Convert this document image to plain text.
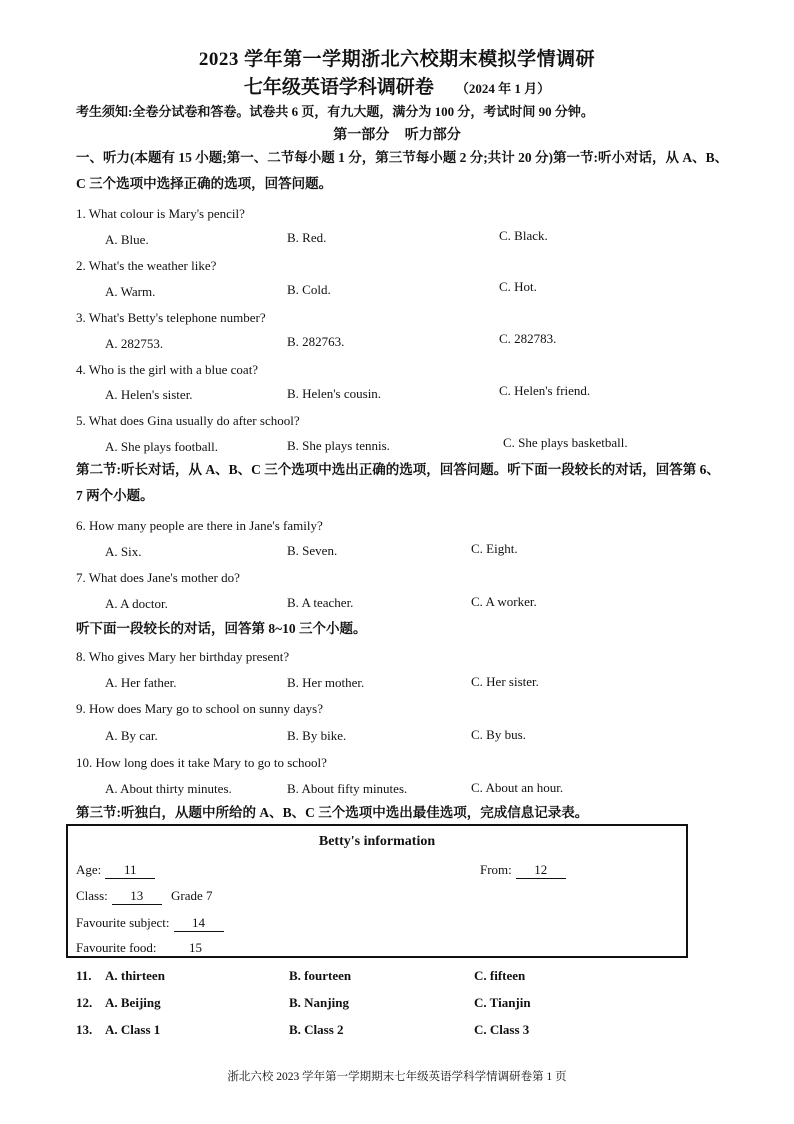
2023 学年第一学期浙北六校期末模拟学情调研
七年级英语学科调研卷 （2024 年 1 月）
考生须知:全卷分试卷和答卷。试卷共 6 页，有九大题，满分为 100 分，考试时间 90 分钟。
第一部分 听力部分
一、听力(本题有 15 小题;第一、二节每小题 1 分，第三节每小题 2 分;共计 20 分)第一节:听小对话，从 A、B、C 三个选项中选择正确的选项，回答问题。
1. What colour is Mary's pencil?
A. Blue.	B. Red.	C. Black.
2. What's the weather like?
A. Warm.	B. Cold.	C. Hot.
3. What's Betty's telephone number?
A. 282753.	B. 282763.	C. 282783.
4. Who is the girl with a blue coat?
A. Helen's sister.	B. Helen's cousin.	C. Helen's friend.
5. What does Gina usually do after school?
A. She plays football.	B. She plays tennis.	C. She plays basketball.
第二节:听长对话，从 A、B、C 三个选项中选出正确的选项，回答问题。听下面一段较长的对话，回答第 6、7 两个小题。
6. How many people are there in Jane's family?
A. Six.	B. Seven.	C. Eight.
7. What does Jane's mother do?
A. A doctor.	B. A teacher.	C. A worker.
听下面一段较长的对话，回答第 8~10 三个小题。
8. Who gives Mary her birthday present?
A. Her father.	B. Her mother.	C. Her sister.
9. How does Mary go to school on sunny days?
A. By car.	B. By bike.	C. By bus.
10. How long does it take Mary to go to school?
A. About thirty minutes.	B. About fifty minutes.	C. About an hour.
第三节:听独白，从题中所给的 A、B、C 三个选项中选出最佳选项，完成信息记录表。
Betty's information
Age: 11	From: 12
Class: 13 Grade 7
Favourite subject: 14
Favourite food:	15
11. A. thirteen	B. fourteen	C. fifteen
12. A. Beijing	B. Nanjing	C. Tianjin
13. A. Class 1	B. Class 2	C. Class 3
浙北六校 2023 学年第一学期期末七年级英语学科学情调研卷第 1 页
